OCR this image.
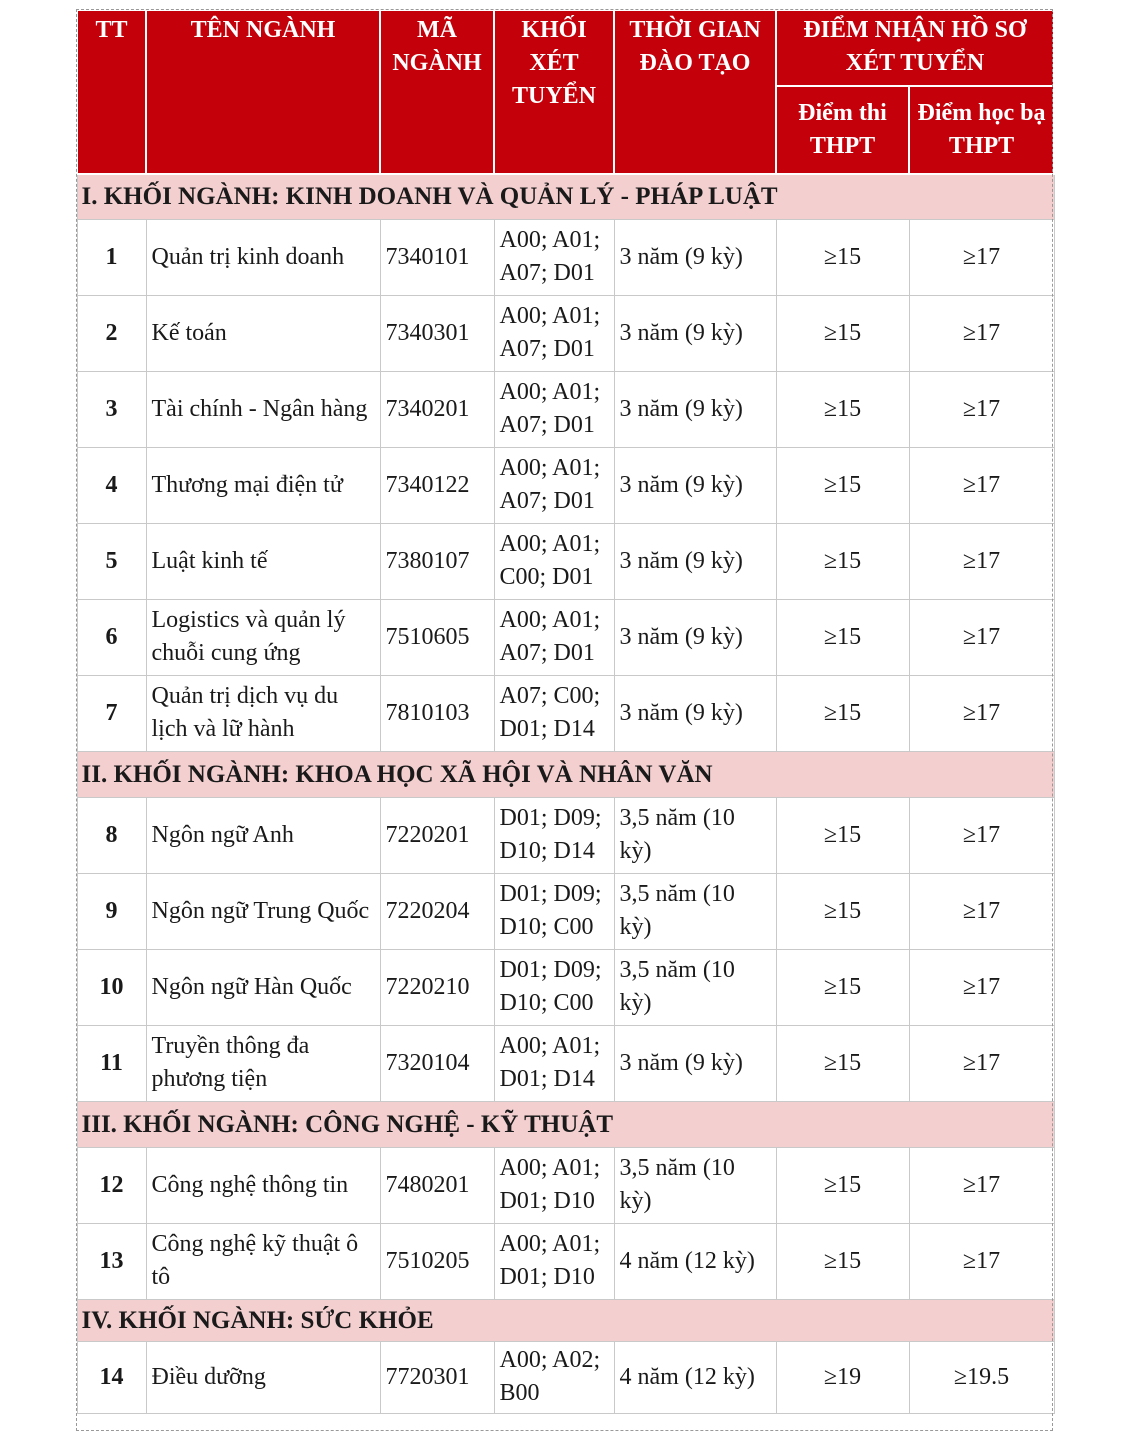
TT	TÊN NGÀNH	MÃ NGÀNH	KHỐI XÉT TUYỂN	THỜI GIAN ĐÀO TẠO	ĐIỂM NHẬN HỒ SƠ XÉT TUYỂN	
					Điểm thi THPT	Điểm học bạ THPT
I. KHỐI NGÀNH: KINH DOANH VÀ QUẢN LÝ - PHÁP LUẬT						
1	Quản trị kinh doanh	7340101	A00; A01; A07; D01	3 năm (9 kỳ)	≥15	≥17
2	Kế toán	7340301	A00; A01; A07; D01	3 năm (9 kỳ)	≥15	≥17
3	Tài chính - Ngân hàng	7340201	A00; A01; A07; D01	3 năm (9 kỳ)	≥15	≥17
4	Thương mại điện tử	7340122	A00; A01; A07; D01	3 năm (9 kỳ)	≥15	≥17
5	Luật kinh tế	7380107	A00; A01; C00; D01	3 năm (9 kỳ)	≥15	≥17
6	Logistics và quản lý chuỗi cung ứng	7510605	A00; A01; A07; D01	3 năm (9 kỳ)	≥15	≥17
7	Quản trị dịch vụ du lịch và lữ hành	7810103	A07; C00; D01; D14	3 năm (9 kỳ)	≥15	≥17
II. KHỐI NGÀNH: KHOA HỌC XÃ HỘI VÀ NHÂN VĂN						
8	Ngôn ngữ Anh	7220201	D01; D09; D10; D14	3,5 năm (10 kỳ)	≥15	≥17
9	Ngôn ngữ Trung Quốc	7220204	D01; D09; D10; C00	3,5 năm (10 kỳ)	≥15	≥17
10	Ngôn ngữ Hàn Quốc	7220210	D01; D09; D10; C00	3,5 năm (10 kỳ)	≥15	≥17
11	Truyền thông đa phương tiện	7320104	A00; A01; D01; D14	3 năm (9 kỳ)	≥15	≥17
III. KHỐI NGÀNH: CÔNG NGHỆ - KỸ THUẬT						
12	Công nghệ thông tin	7480201	A00; A01; D01; D10	3,5 năm (10 kỳ)	≥15	≥17
13	Công nghệ kỹ thuật ô tô	7510205	A00; A01; D01; D10	4 năm (12 kỳ)	≥15	≥17
IV. KHỐI NGÀNH: SỨC KHỎE						
14	Điều dưỡng	7720301	A00; A02; B00	4 năm (12 kỳ)	≥19	≥19.5
